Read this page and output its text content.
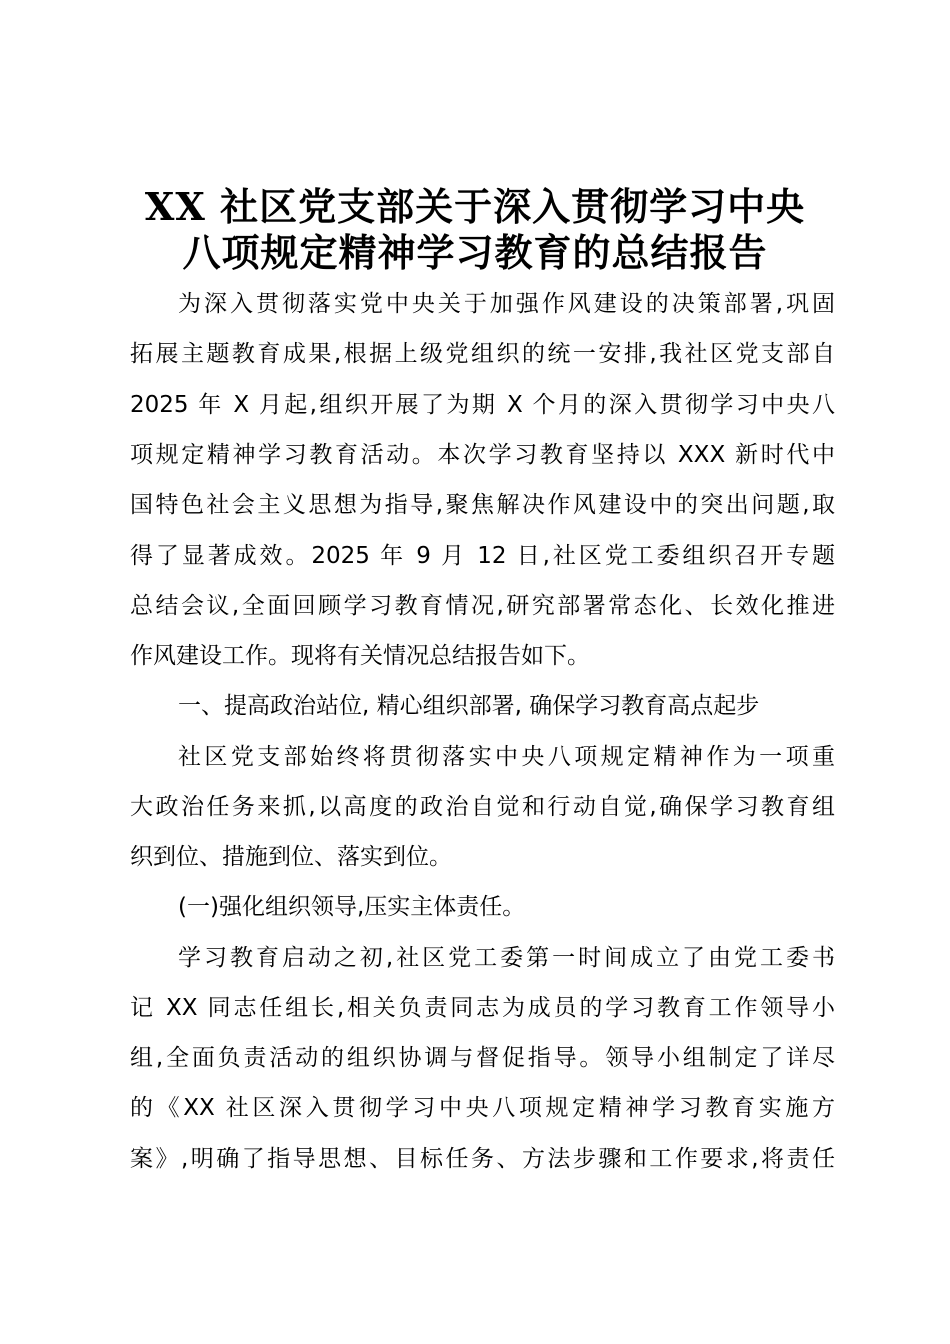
XX 社区党支部关于深入贯彻学习中央
八项规定精神学习教育的总结报告

为深入贯彻落实党中央关于加强作风建设的决策部署,巩固

拓展主题教育成果,根据上级党组织的统一安排,我社区党支部自

2025 年 X 月起,组织开展了为期 X 个月的深入贯彻学习中央八

项规定精神学习教育活动。本次学习教育坚持以 XXX 新时代中

国特色社会主义思想为指导,聚焦解决作风建设中的突出问题,取

得了显著成效。2025 年 9 月 12 日,社区党工委组织召开专题

总结会议,全面回顾学习教育情况,研究部署常态化、长效化推进

作风建设工作。现将有关情况总结报告如下。

一、提高政治站位, 精心组织部署, 确保学习教育高点起步

社区党支部始终将贯彻落实中央八项规定精神作为一项重

大政治任务来抓,以高度的政治自觉和行动自觉,确保学习教育组

织到位、措施到位、落实到位。

(一)强化组织领导,压实主体责任。

学习教育启动之初,社区党工委第一时间成立了由党工委书

记 XX 同志任组长,相关负责同志为成员的学习教育工作领导小

组,全面负责活动的组织协调与督促指导。领导小组制定了详尽

的《XX 社区深入贯彻学习中央八项规定精神学习教育实施方

案》,明确了指导思想、目标任务、方法步骤和工作要求,将责任
